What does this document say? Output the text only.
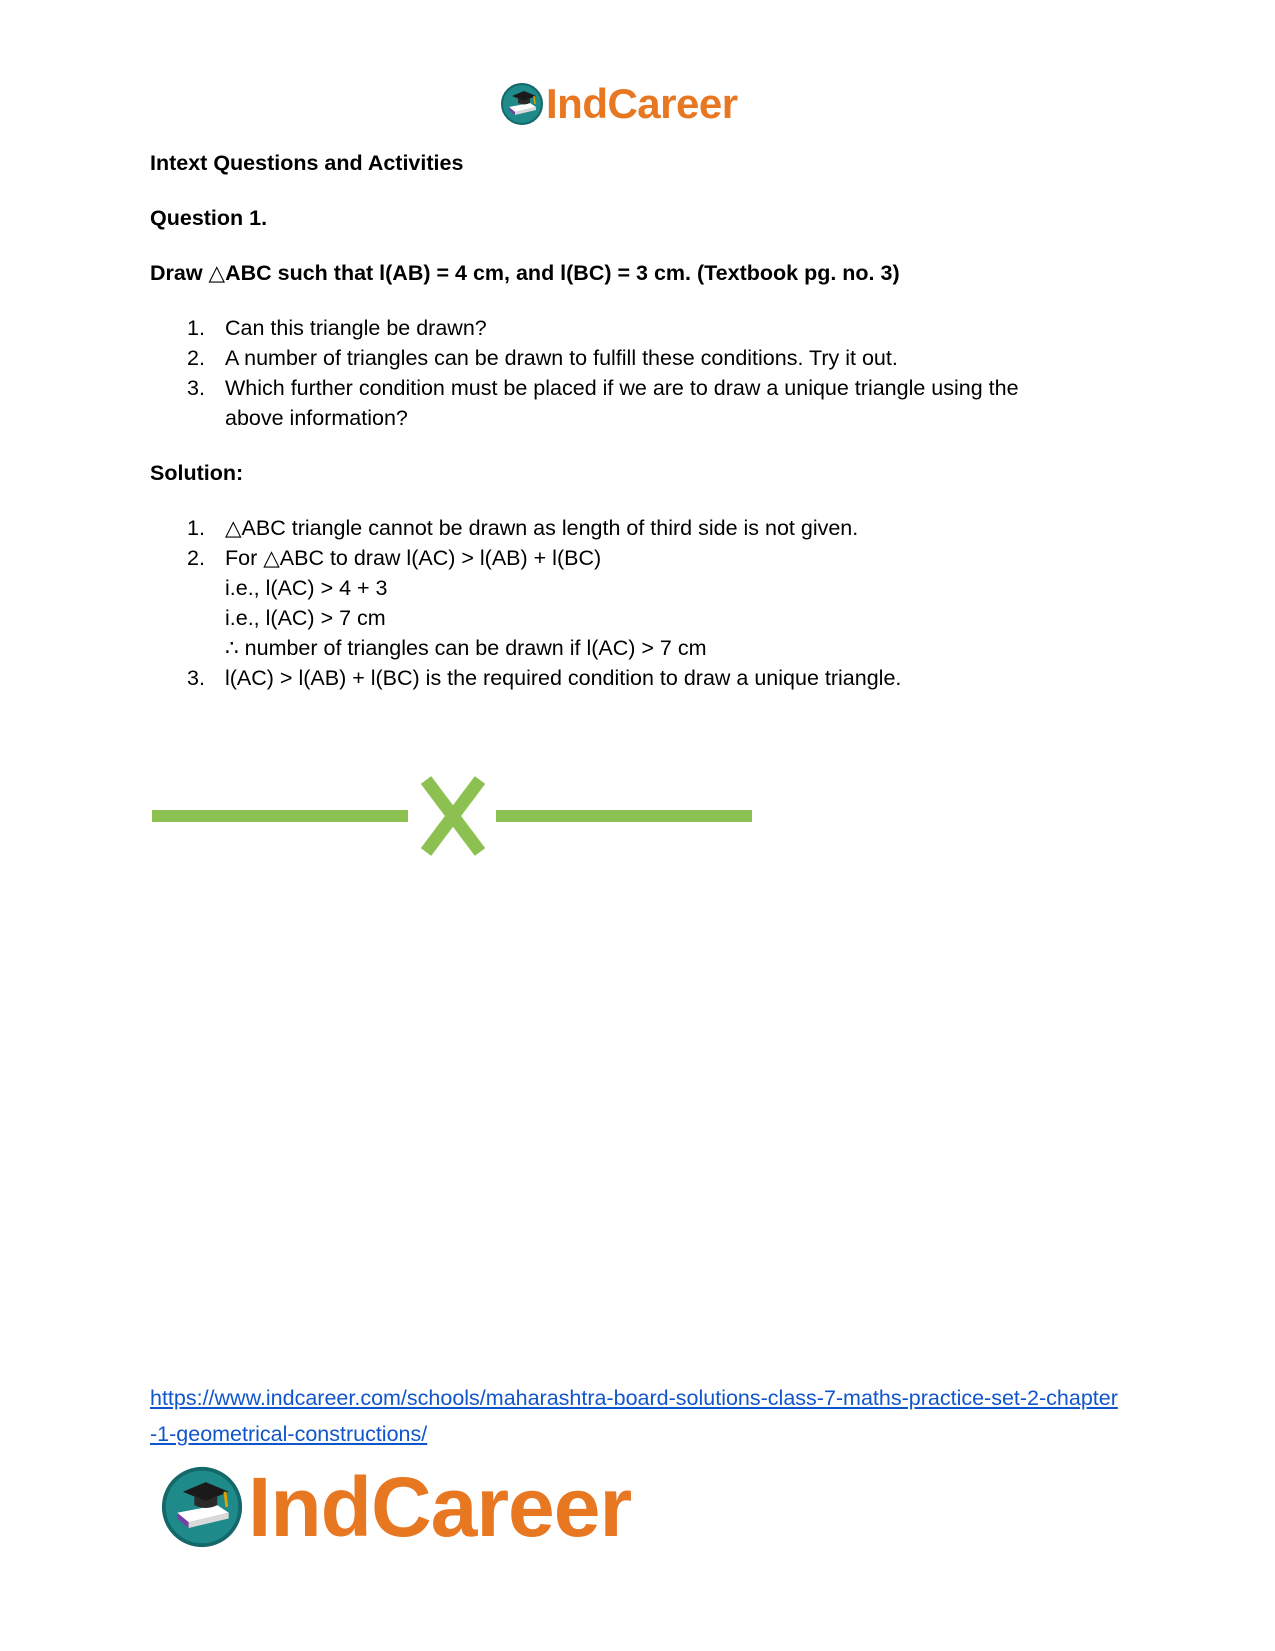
IndCareer

Intext Questions and Activities

Question 1.

Draw △ABC such that l(AB) = 4 cm, and l(BC) = 3 cm. (Textbook pg. no. 3)

1. Can this triangle be drawn?
2. A number of triangles can be drawn to fulfill these conditions. Try it out.
3. Which further condition must be placed if we are to draw a unique triangle using the
above information?

Solution:

1. △ABC triangle cannot be drawn as length of third side is not given.
2. For △ABC to draw l(AC) > l(AB) + l(BC)
i.e., l(AC) > 4 + 3
i.e., l(AC) > 7 cm
∴ number of triangles can be drawn if l(AC) > 7 cm
3. l(AC) > l(AB) + l(BC) is the required condition to draw a unique triangle.
https://www.indcareer.com/schools/maharashtra-board-solutions-class-7-maths-practice-set-2-chapter-1-geometrical-constructions/
IndCareer
